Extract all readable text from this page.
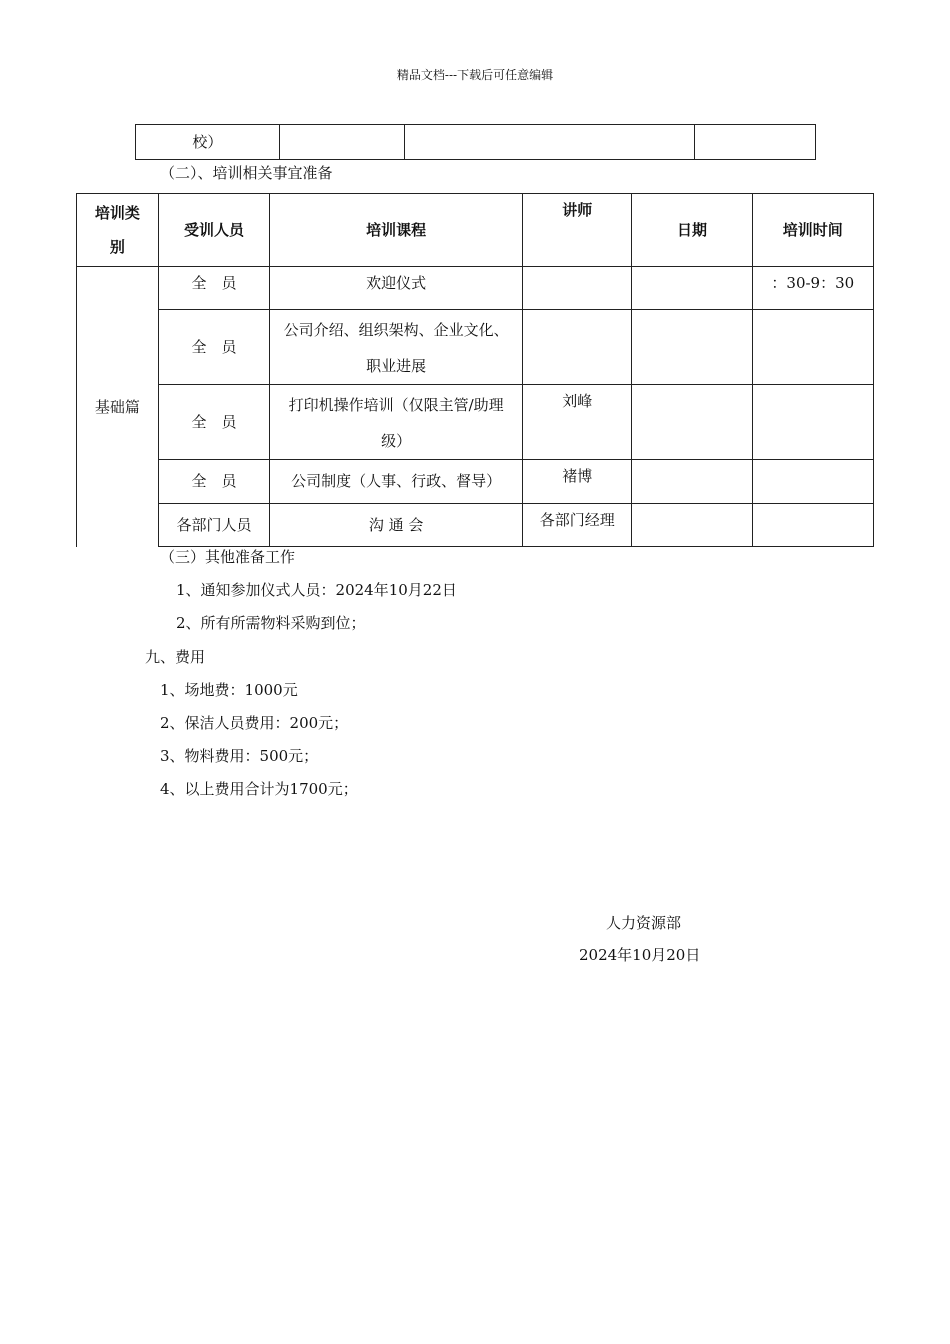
精品文档---下载后可任意编辑
校）			
（二）、培训相关事宜准备
培训类别	受训人员	培训课程	讲师	日期	培训时间
基础篇	全　员	欢迎仪式			：30-9：30
	全　员	公司介绍、组织架构、企业文化、职业进展			
	全　员	打印机操作培训（仅限主管/助理级）	刘峰		
	全　员	公司制度（人事、行政、督导）	褚博		
	各部门人员	沟 通 会	各部门经理		
（三）其他准备工作
1、通知参加仪式人员：2024年10月22日
2、所有所需物料采购到位；
九、费用
1、场地费：1000元
2、保洁人员费用：200元；
3、物料费用：500元；
4、以上费用合计为1700元；
人力资源部
2024年10月20日
